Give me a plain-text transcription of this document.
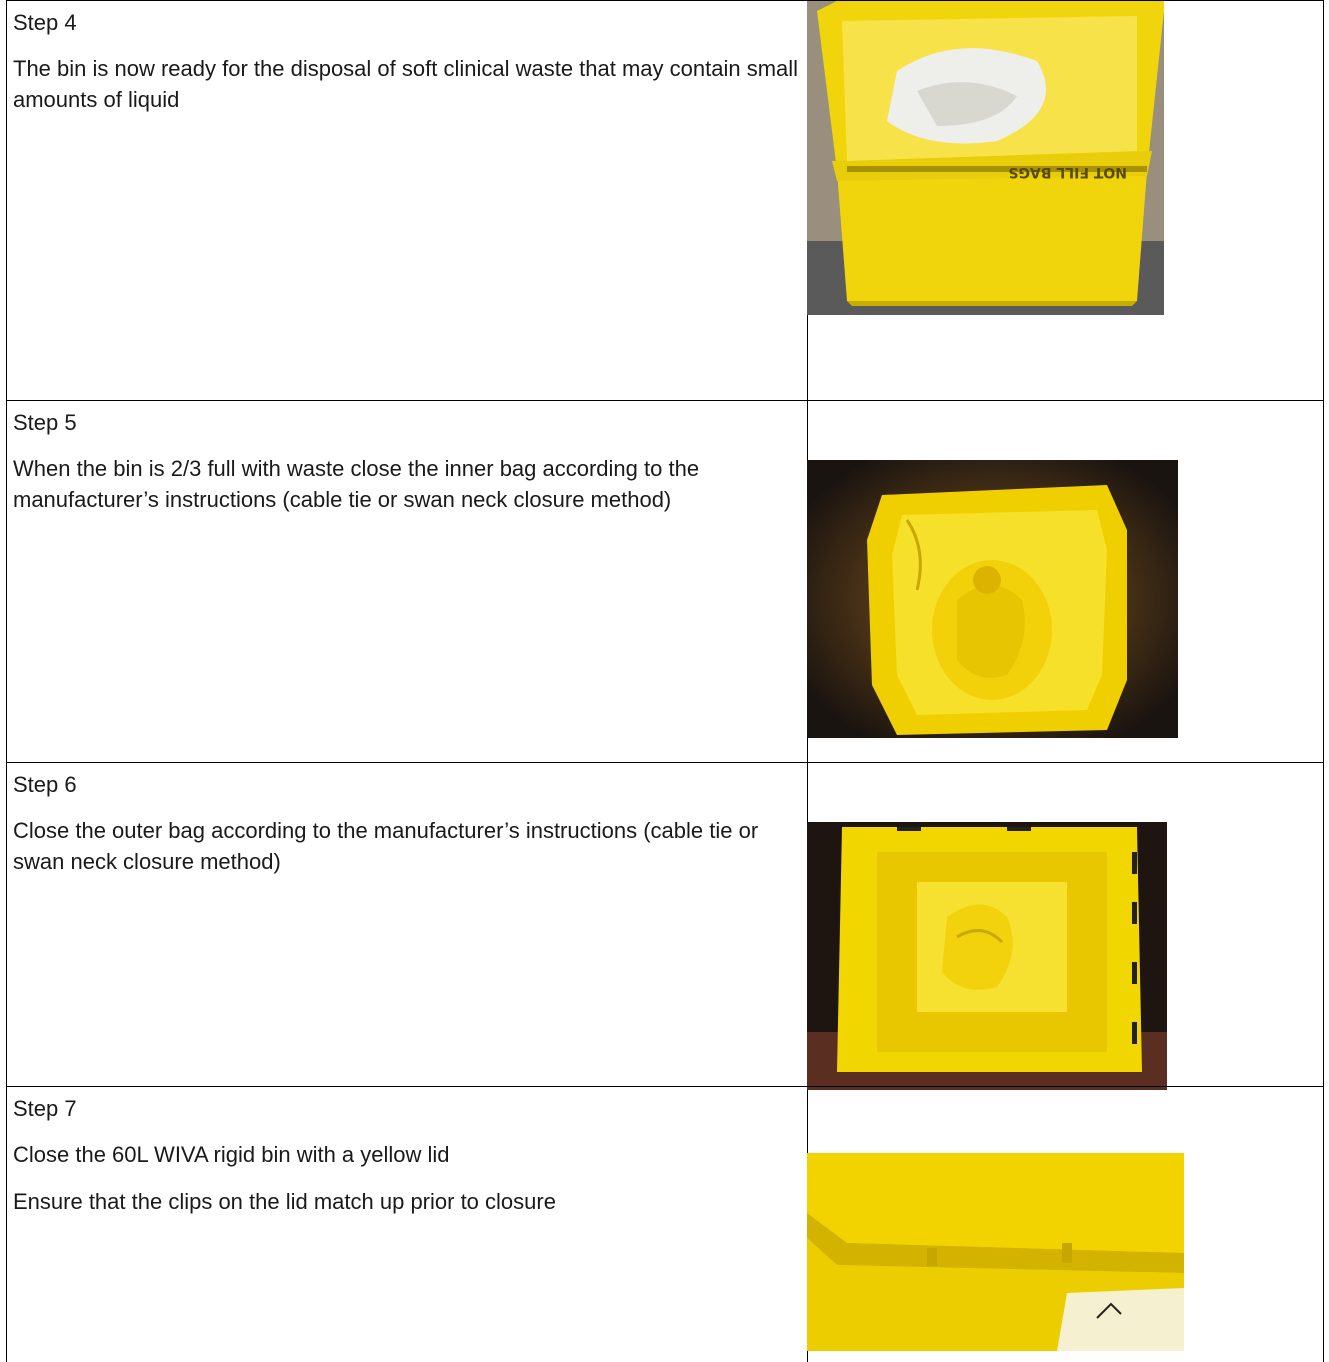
Step 4

The bin is now ready for the disposal of soft clinical waste that may contain small amounts of liquid

NOT FILL BAGS

Step 5

When the bin is 2/3 full with waste close the inner bag according to the manufacturer’s instructions (cable tie or swan neck closure method)

Step 6

Close the outer bag according to the manufacturer’s instructions (cable tie or swan neck closure method)

Step 7

Close the 60L WIVA rigid bin with a yellow lid

Ensure that the clips on the lid match up prior to closure
